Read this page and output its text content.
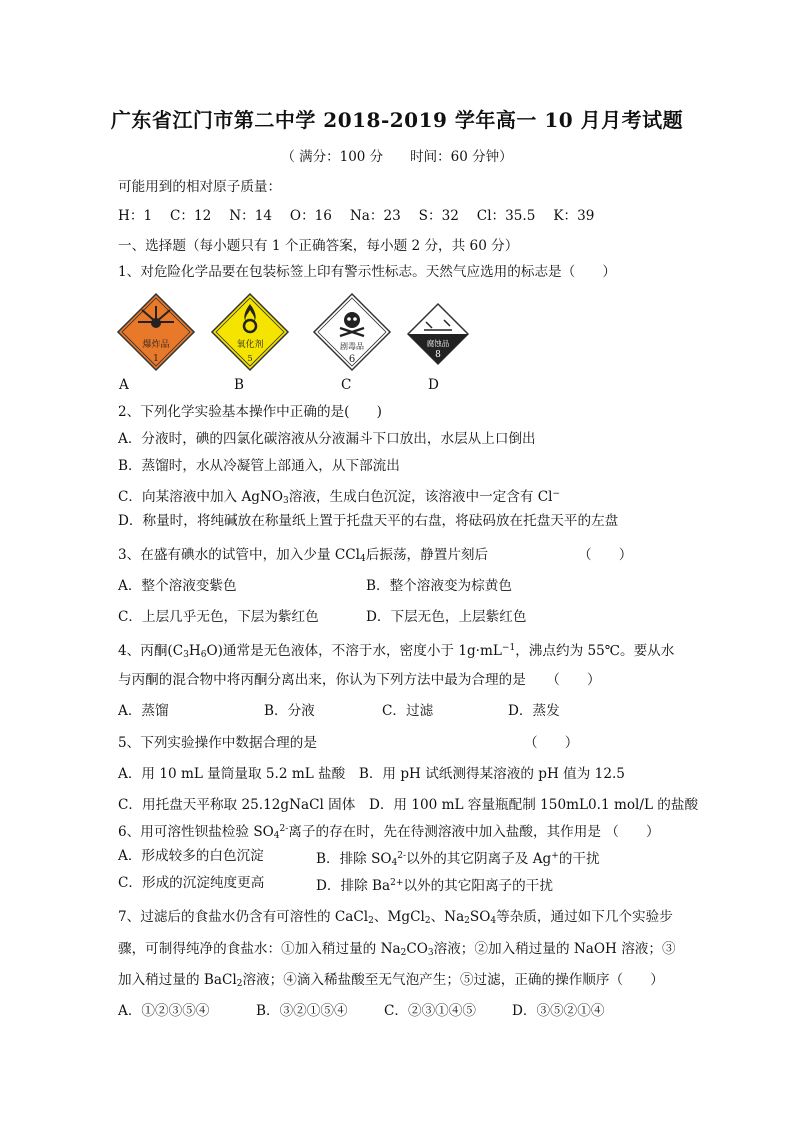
广东省江门市第二中学 2018-2019 学年高一 10 月月考试题
（ 满分：100 分　　时间：60 分钟）
可能用到的相对原子质量：
H：1　 C：12　 N：14　 O：16　 Na：23　 S：32　 Cl：35.5　 K：39
一、选择题（每小题只有 1 个正确答案，每小题 2 分，共 60 分）
1、对危险化学品要在包装标签上印有警示性标志。天然气应选用的标志是（　　）
爆炸品
1
氧化剂
5
剧毒品
6
腐蚀品
8
A	B	C	D
2、下列化学实验基本操作中正确的是(　　)
A．分液时，碘的四氯化碳溶液从分液漏斗下口放出，水层从上口倒出
B．蒸馏时，水从冷凝管上部通入，从下部流出
C．向某溶液中加入 AgNO$_3$溶液，生成白色沉淀，该溶液中一定含有 Cl−
D．称量时，将纯碱放在称量纸上置于托盘天平的右盘，将砝码放在托盘天平的左盘
3、在盛有碘水的试管中，加入少量 CCl$_4$后振荡，静置片刻后	（　　）
A．整个溶液变紫色	B．整个溶液变为棕黄色
C．上层几乎无色，下层为紫红色	D．下层无色，上层紫红色
4、丙酮$(C_3H_6O)$通常是无色液体，不溶于水，密度小于 $1g\cdot mL^{-1}$，沸点约为 55℃。要从水
与丙酮的混合物中将丙酮分离出来，你认为下列方法中最为合理的是　　（　　）
A．蒸馏	B．分液	C．过滤	D．蒸发
5、下列实验操作中数据合理的是	（　　）
A．用 10 mL 量筒量取 5.2 mL 盐酸　B．用 pH 试纸测得某溶液的 pH 值为 12.5
C．用托盘天平称取 25.12gNaCl 固体　D．用 100 mL 容量瓶配制 150mL0.1 mol/L 的盐酸
6、用可溶性钡盐检验 $SO_4^{2-}$离子的存在时，先在待测溶液中加入盐酸，其作用是 （　　）
A．形成较多的白色沉淀	B．排除 $SO_4^{2-}$以外的其它阴离子及 Ag+的干扰
C．形成的沉淀纯度更高	D．排除 $Ba^{2+}$以外的其它阳离子的干扰
7、过滤后的食盐水仍含有可溶性的 CaCl$_2$、MgCl$_2$、$Na_2SO_4$等杂质，通过如下几个实验步
骤，可制得纯净的食盐水：①加入稍过量的 $Na_2CO_3$溶液；②加入稍过量的 NaOH 溶液；③
加入稍过量的 BaCl$_2$溶液；④滴入稀盐酸至无气泡产生；⑤过滤，正确的操作顺序（　　）
A．①②③⑤④	B．③②①⑤④	C．②③①④⑤	D．③⑤②①④
